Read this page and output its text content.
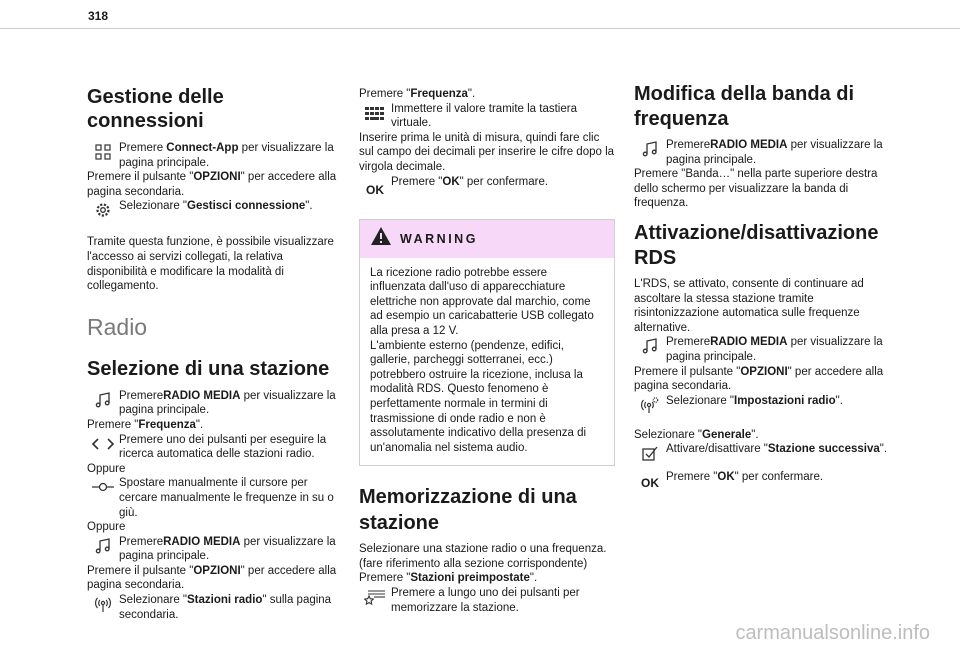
318
Gestione delle connessioni
Premere Connect-App per visualizzare la pagina principale.

Premere il pulsante "OPZIONI" per accedere alla pagina secondaria.

Selezionare "Gestisci connessione".

Tramite questa funzione, è possibile visualizzare l'accesso ai servizi collegati, la relativa disponibilità e modificare la modalità di collegamento.

Radio
Selezione di una stazione
PremereRADIO MEDIA per visualizzare la pagina principale.

Premere "Frequenza".

Premere uno dei pulsanti per eseguire la ricerca automatica delle stazioni radio.

Oppure

Spostare manualmente il cursore per cercare manualmente le frequenze in su o giù.

Oppure

PremereRADIO MEDIA per visualizzare la pagina principale.

Premere il pulsante "OPZIONI" per accedere alla pagina secondaria.

Selezionare "Stazioni radio" sulla pagina secondaria.

Premere "Frequenza".

Immettere il valore tramite la tastiera virtuale.

Inserire prima le unità di misura, quindi fare clic sul campo dei decimali per inserire le cifre dopo la virgola decimale.

OK
Premere "OK" per confermare.
WARNING

La ricezione radio potrebbe essere influenzata dall'uso di apparecchiature elettriche non approvate dal marchio, come ad esempio un caricabatterie USB collegato alla presa a 12 V.

L'ambiente esterno (pendenze, edifici, gallerie, parcheggi sotterranei, ecc.) potrebbero ostruire la ricezione, inclusa la modalità RDS. Questo fenomeno è perfettamente normale in termini di trasmissione di onde radio e non è assolutamente indicativo della presenza di un'anomalia nel sistema audio.

Memorizzazione di una stazione

Selezionare una stazione radio o una frequenza.

(fare riferimento alla sezione corrispondente)

Premere "Stazioni preimpostate".

Premere a lungo uno dei pulsanti per memorizzare la stazione.
Modifica della banda di frequenza
PremereRADIO MEDIA per visualizzare la pagina principale.

Premere "Banda…" nella parte superiore destra dello schermo per visualizzare la banda di frequenza.

Attivazione/disattivazione RDS

L'RDS, se attivato, consente di continuare ad ascoltare la stessa stazione tramite risintonizzazione automatica sulle frequenze alternative.

PremereRADIO MEDIA per visualizzare la pagina principale.

Premere il pulsante "OPZIONI" per accedere alla pagina secondaria.

Selezionare "Impostazioni radio".

Selezionare "Generale".

Attivare/disattivare "Stazione successiva".
OK Premere "OK" per confermare.
carmanualsonline.info
